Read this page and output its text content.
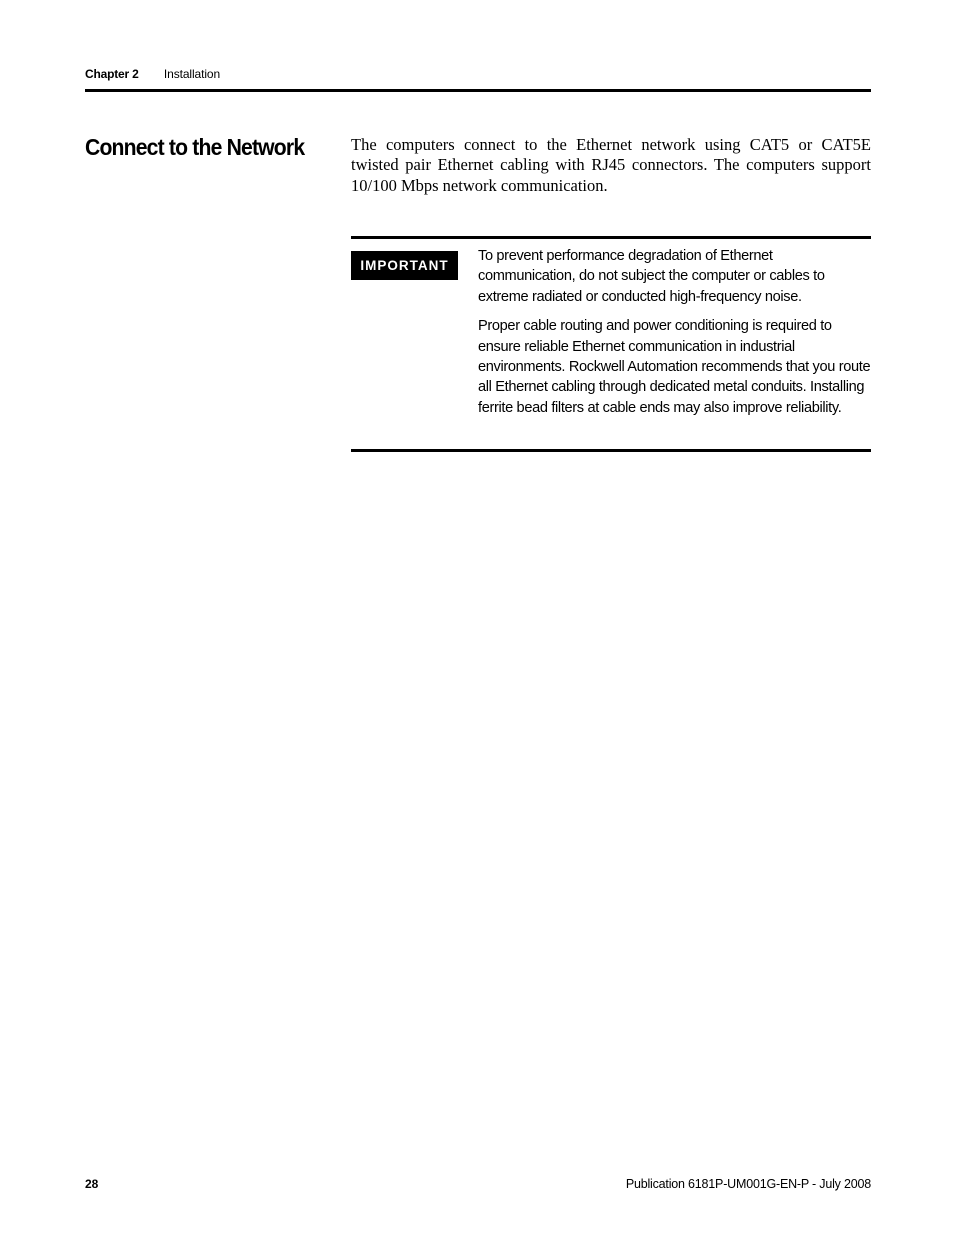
Chapter 2 Installation
Connect to the Network	The computers connect to the Ethernet network using CAT5 or CAT5E twisted pair Ethernet cabling with RJ45 connectors. The computers support 10/100 Mbps network communication.

IMPORTANT

To prevent performance degradation of Ethernet communication, do not subject the computer or cables to extreme radiated or conducted high-frequency noise.

Proper cable routing and power conditioning is required to ensure reliable Ethernet communication in industrial environments. Rockwell Automation recommends that you route all Ethernet cabling through dedicated metal conduits. Installing ferrite bead filters at cable ends may also improve reliability.

28	Publication 6181P-UM001G-EN-P - July 2008
